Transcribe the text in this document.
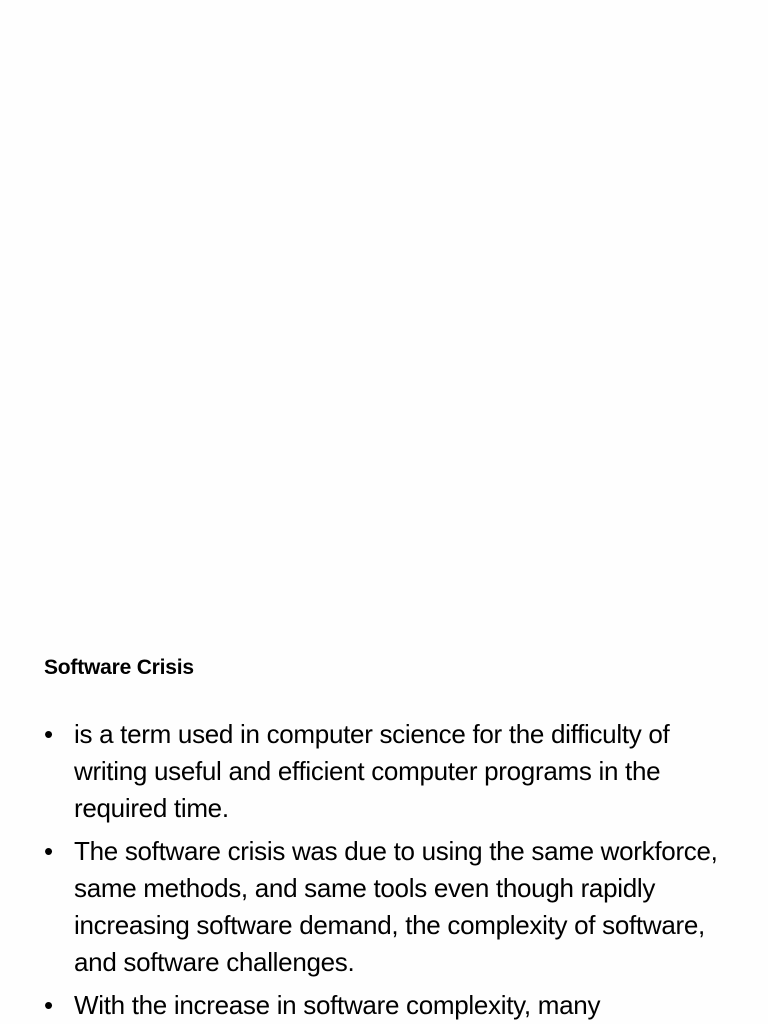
Software Crisis
• is a term used in computer science for the difficulty of writing useful and efficient computer programs in the required time.
• The software crisis was due to using the same workforce, same methods, and same tools even though rapidly increasing software demand, the complexity of software, and software challenges.
• With the increase in software complexity, many
